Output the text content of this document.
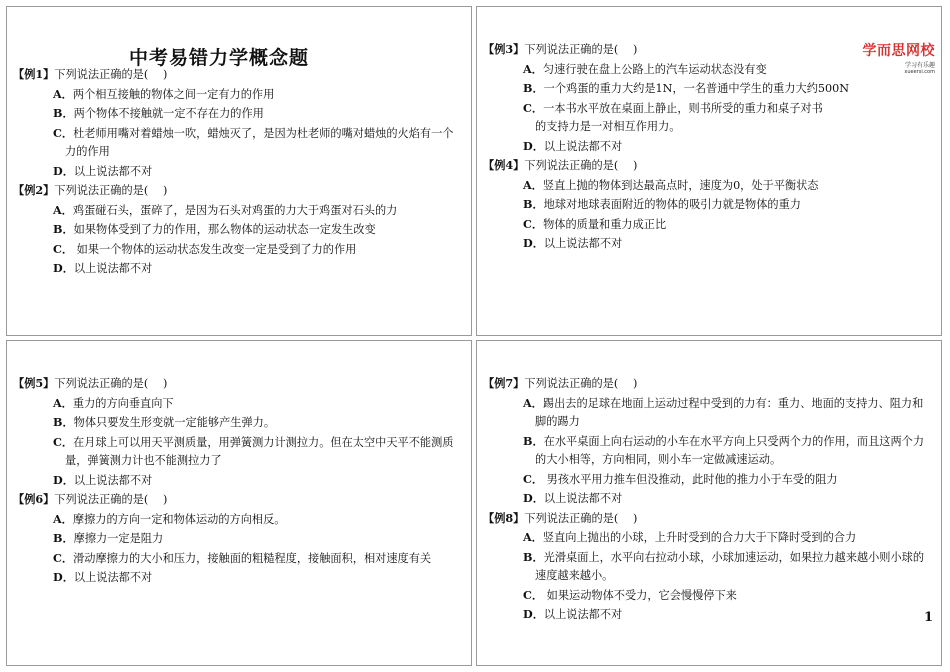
中考易错力学概念题
【例1】下列说法正确的是(　 )
A．两个相互接触的物体之间一定有力的作用
B．两个物体不接触就一定不存在力的作用
C．杜老师用嘴对着蜡烛一吹，蜡烛灭了，是因为杜老师的嘴对蜡烛的火焰有一个力的作用
D．以上说法都不对
【例2】下列说法正确的是(　 )
A．鸡蛋碰石头，蛋碎了，是因为石头对鸡蛋的力大于鸡蛋对石头的力
B．如果物体受到了力的作用，那么物体的运动状态一定发生改变
C． 如果一个物体的运动状态发生改变一定是受到了力的作用
D．以上说法都不对
学而思网校
学习有乐趣
xueersi.com
【例3】下列说法正确的是(　 )
A．匀速行驶在盘上公路上的汽车运动状态没有变
B．一个鸡蛋的重力大约是1N，一名普通中学生的重力大约500N
C．一本书水平放在桌面上静止，则书所受的重力和桌子对书的支持力是一对相互作用力。
D．以上说法都不对
【例4】下列说法正确的是(　 )
A．竖直上抛的物体到达最高点时，速度为0，处于平衡状态
B．地球对地球表面附近的物体的吸引力就是物体的重力
C．物体的质量和重力成正比
D．以上说法都不对
【例5】下列说法正确的是(　 )
A．重力的方向垂直向下
B．物体只要发生形变就一定能够产生弹力。
C．在月球上可以用天平测质量，用弹簧测力计测拉力。但在太空中天平不能测质量，弹簧测力计也不能测拉力了
D．以上说法都不对
【例6】下列说法正确的是(　 )
A．摩擦力的方向一定和物体运动的方向相反。
B．摩擦力一定是阻力
C．滑动摩擦力的大小和压力，接触面的粗糙程度，接触面积，相对速度有关
D．以上说法都不对
【例7】下列说法正确的是(　 )
A．踢出去的足球在地面上运动过程中受到的力有：重力、地面的支持力、阻力和脚的踢力
B．在水平桌面上向右运动的小车在水平方向上只受两个力的作用，而且这两个力的大小相等，方向相同，则小车一定做减速运动。
C． 男孩水平用力推车但没推动，此时他的推力小于车受的阻力
D．以上说法都不对
【例8】下列说法正确的是(　 )
A．竖直向上抛出的小球，上升时受到的合力大于下降时受到的合力
B．光滑桌面上，水平向右拉动小球，小球加速运动，如果拉力越来越小则小球的速度越来越小。
C． 如果运动物体不受力，它会慢慢停下来
D．以上说法都不对	1
